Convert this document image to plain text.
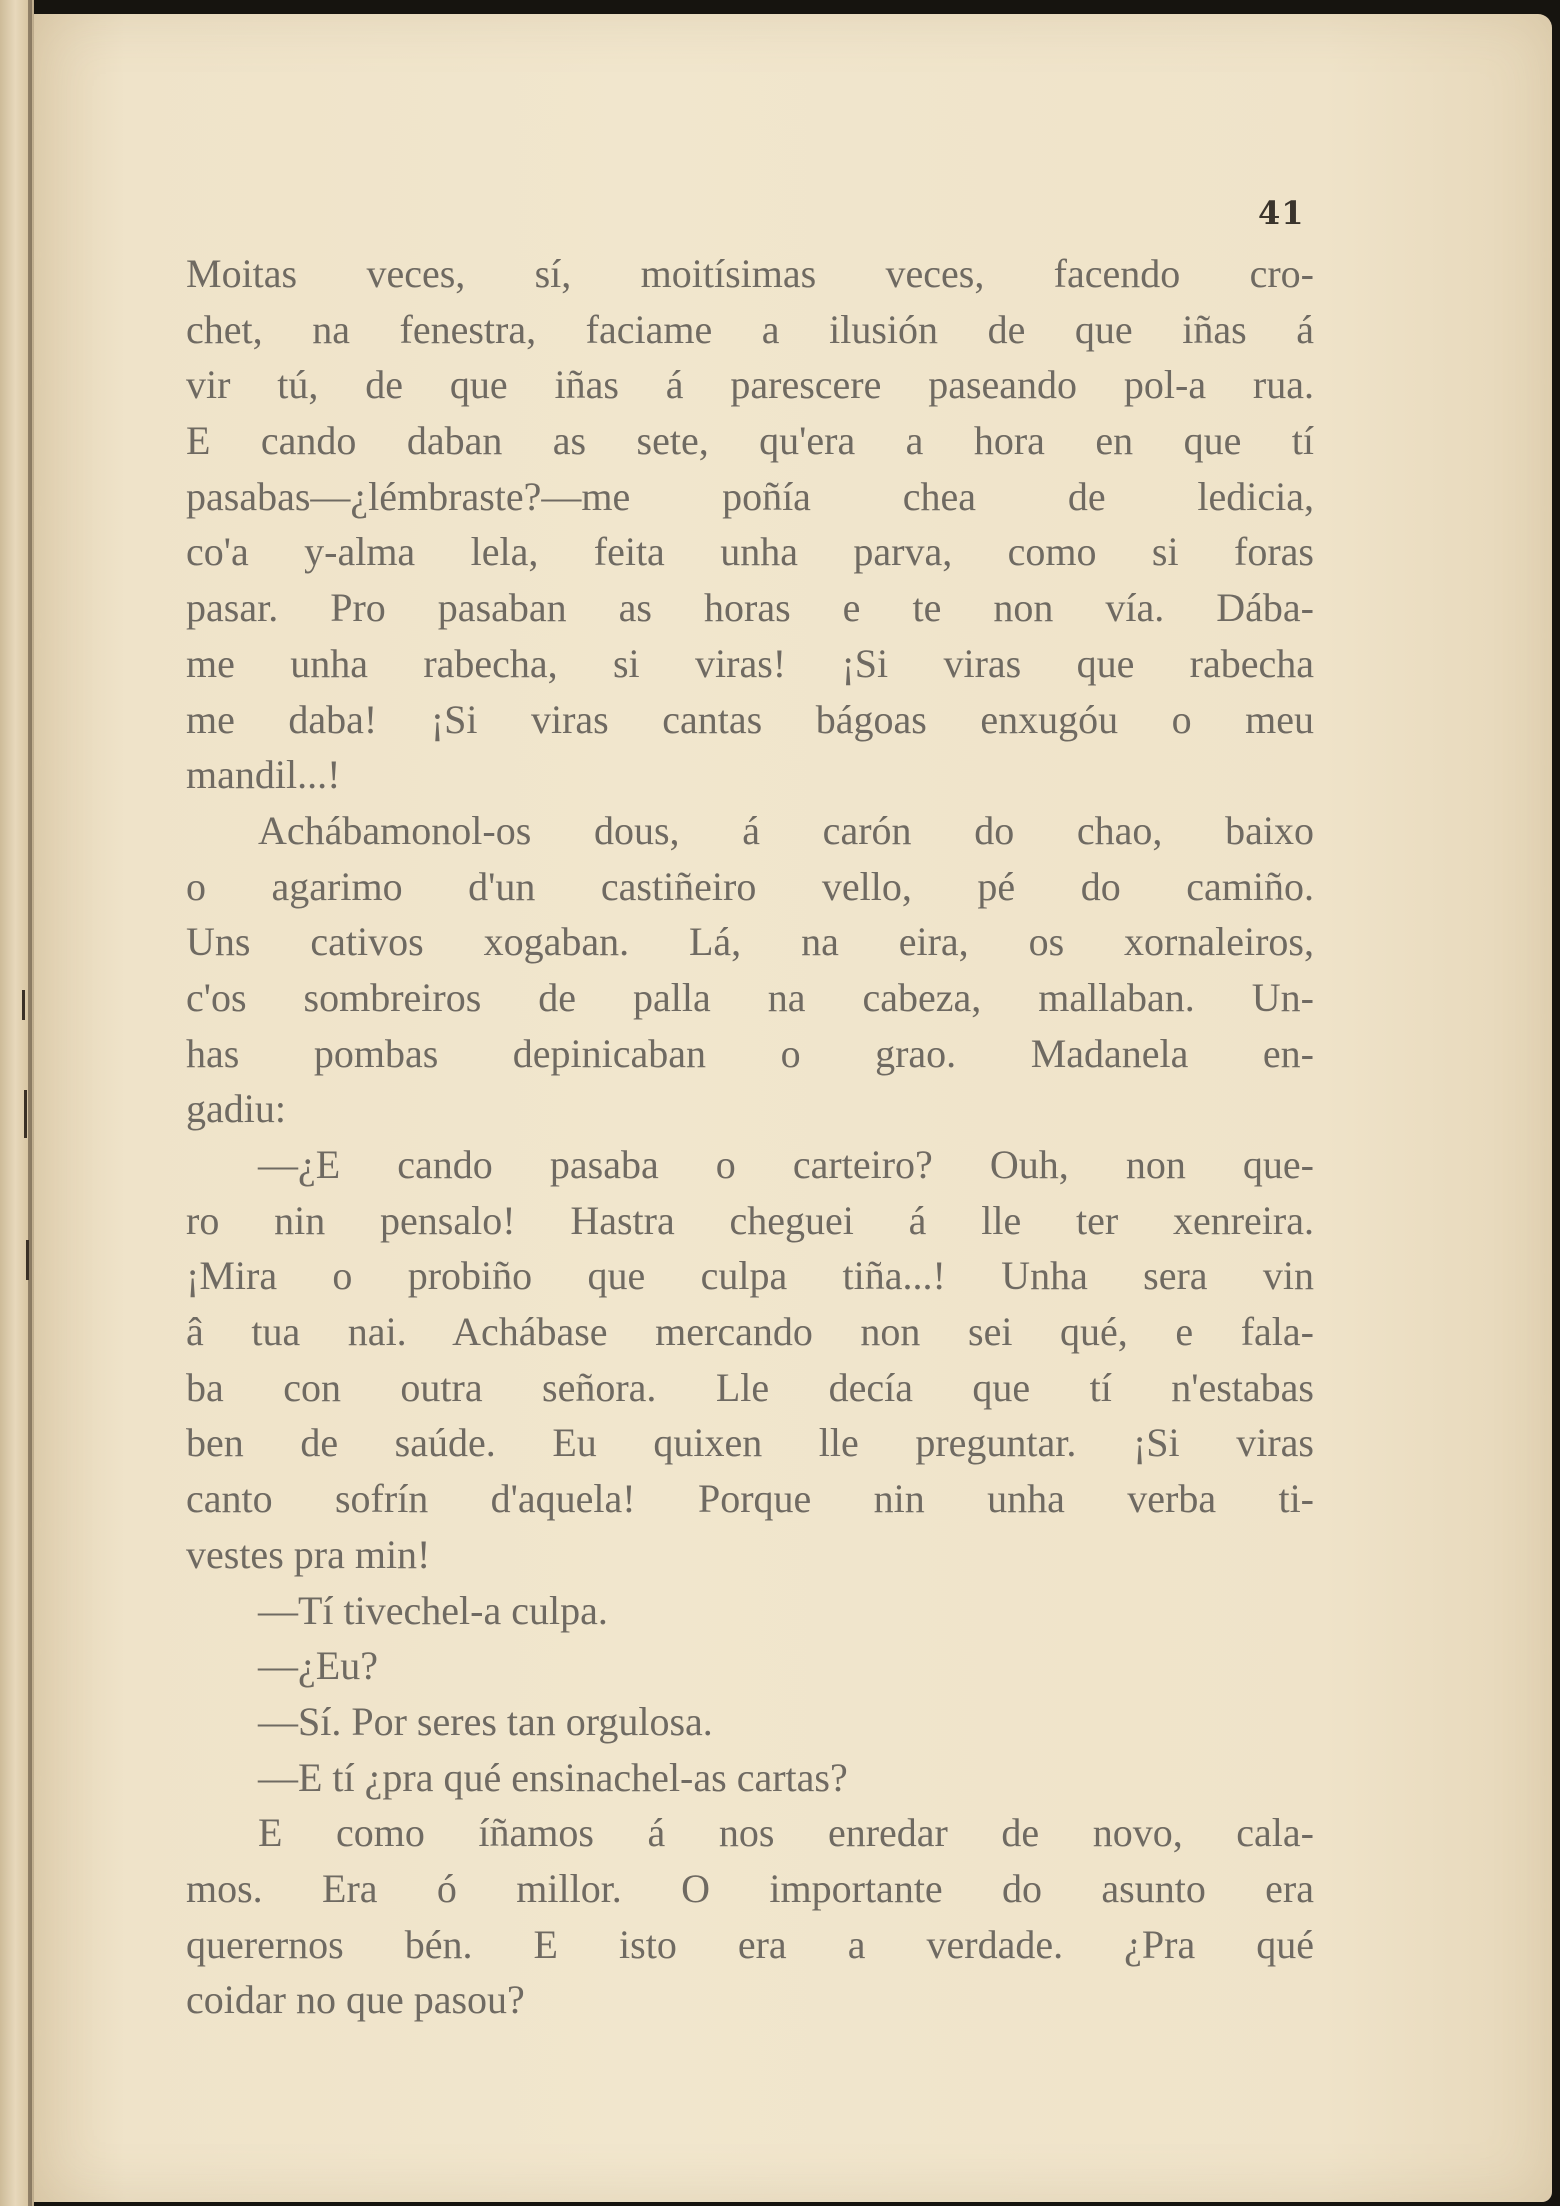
41
Moitas veces, sí, moitísimas veces, facendo cro-
chet, na fenestra, faciame a ilusión de que iñas á
vir tú, de que iñas á parescere paseando pol-a rua.
E cando daban as sete, qu'era a hora en que tí
pasabas—¿lémbraste?—me poñía chea de ledicia,
co'a y-alma lela, feita unha parva, como si foras
pasar. Pro pasaban as horas e te non vía. Dába-
me unha rabecha, si viras! ¡Si viras que rabecha
me daba! ¡Si viras cantas bágoas enxugóu o meu
mandil...!
Achábamonol-os dous, á carón do chao, baixo
o agarimo d'un castiñeiro vello, pé do camiño.
Uns cativos xogaban. Lá, na eira, os xornaleiros,
c'os sombreiros de palla na cabeza, mallaban. Un-
has pombas depinicaban o grao. Madanela en-
gadiu:
—¿E cando pasaba o carteiro? Ouh, non que-
ro nin pensalo! Hastra cheguei á lle ter xenreira.
¡Mira o probiño que culpa tiña...! Unha sera vin
â tua nai. Achábase mercando non sei qué, e fala-
ba con outra señora. Lle decía que tí n'estabas
ben de saúde. Eu quixen lle preguntar. ¡Si viras
canto sofrín d'aquela! Porque nin unha verba ti-
vestes pra min!
—Tí tivechel-a culpa.
—¿Eu?
—Sí. Por seres tan orgulosa.
—E tí ¿pra qué ensinachel-as cartas?
E como íñamos á nos enredar de novo, cala-
mos. Era ó millor. O importante do asunto era
querernos bén. E isto era a verdade. ¿Pra qué
coidar no que pasou?
